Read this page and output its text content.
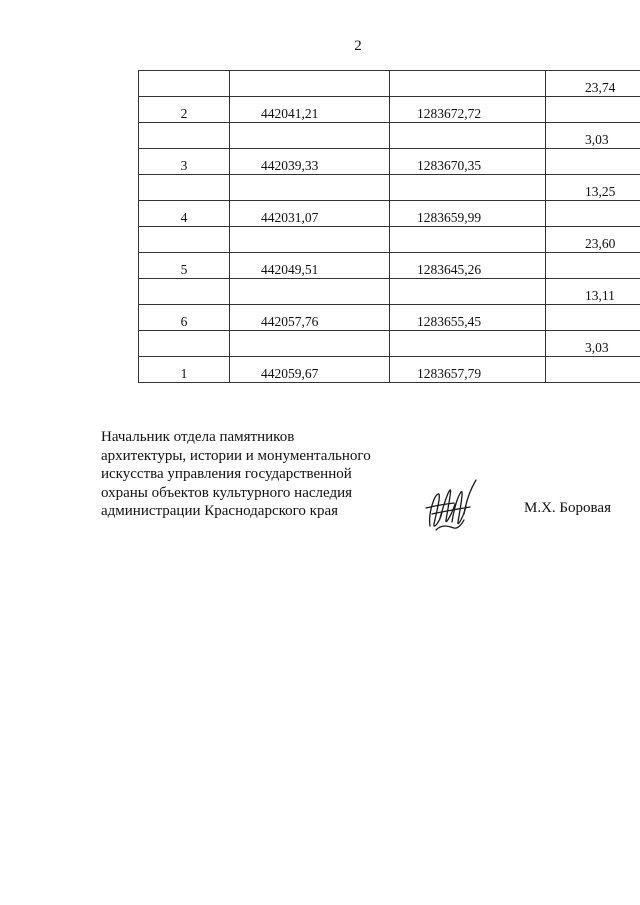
2
			23,74
2	442041,21	1283672,72	
			3,03
3	442039,33	1283670,35	
			13,25
4	442031,07	1283659,99	
			23,60
5	442049,51	1283645,26	
			13,11
6	442057,76	1283655,45	
			3,03
1	442059,67	1283657,79	
Начальник отдела памятников
архитектуры, истории и монументального
искусства управления государственной
охраны объектов культурного наследия
администрации Краснодарского края	М.Х. Боровая
